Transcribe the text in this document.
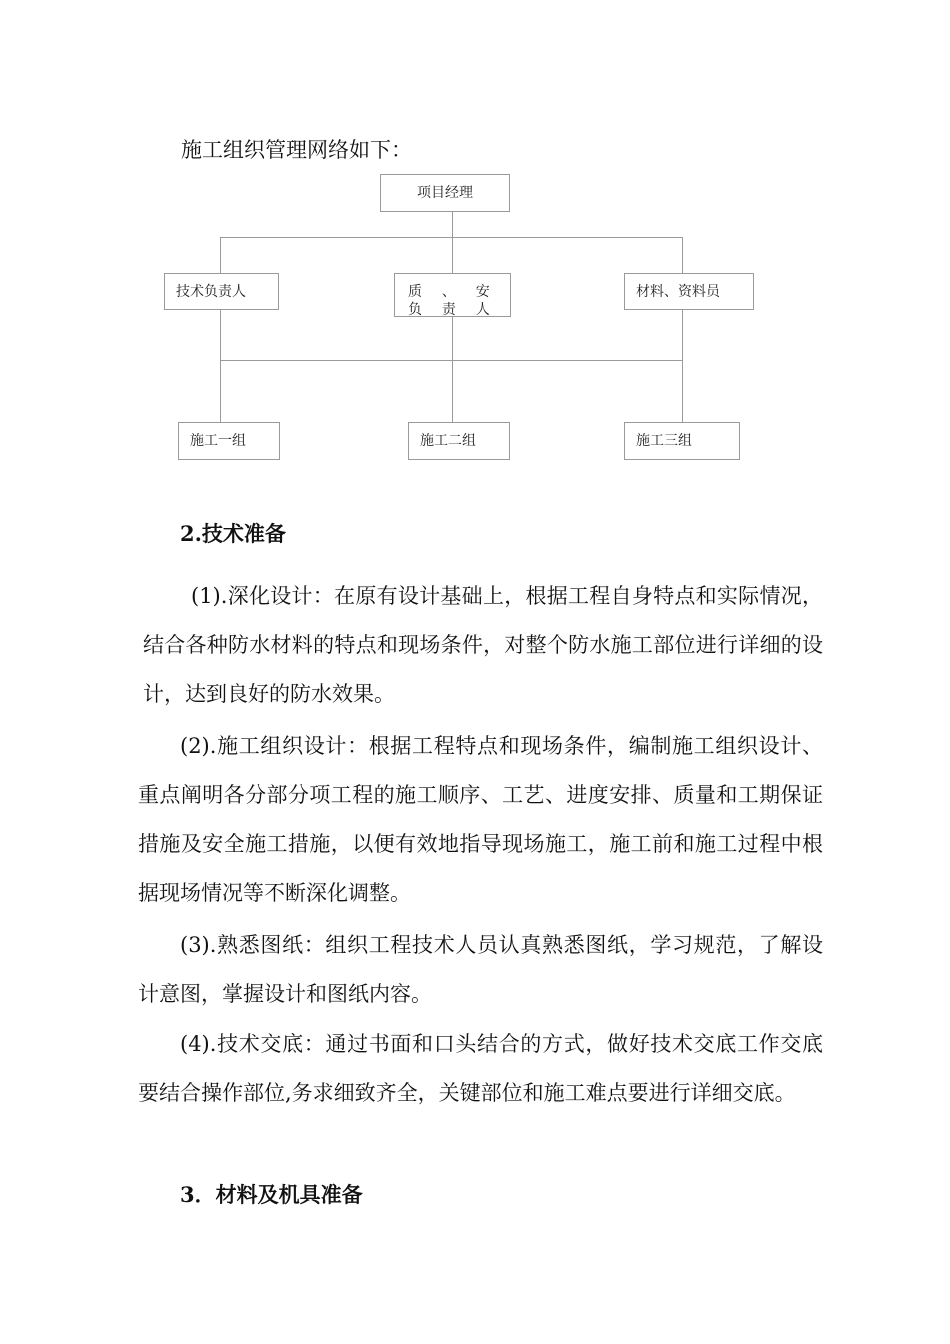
施工组织管理网络如下：
项目经理
技术负责人	质 、 安 负 责 人
材料、资料员
施工一组	施工二组	施工三组
2.技术准备

(1).深化设计：在原有设计基础上，根据工程自身特点和实际情况，结合各种防水材料的特点和现场条件，对整个防水施工部位进行详细的设计，达到良好的防水效果。

(2).施工组织设计：根据工程特点和现场条件，编制施工组织设计、重点阐明各分部分项工程的施工顺序、工艺、进度安排、质量和工期保证措施及安全施工措施，以便有效地指导现场施工，施工前和施工过程中根据现场情况等不断深化调整。

(3).熟悉图纸：组织工程技术人员认真熟悉图纸，学习规范，了解设计意图，掌握设计和图纸内容。

(4).技术交底：通过书面和口头结合的方式，做好技术交底工作交底要结合操作部位,务求细致齐全，关键部位和施工难点要进行详细交底。

3．材料及机具准备
